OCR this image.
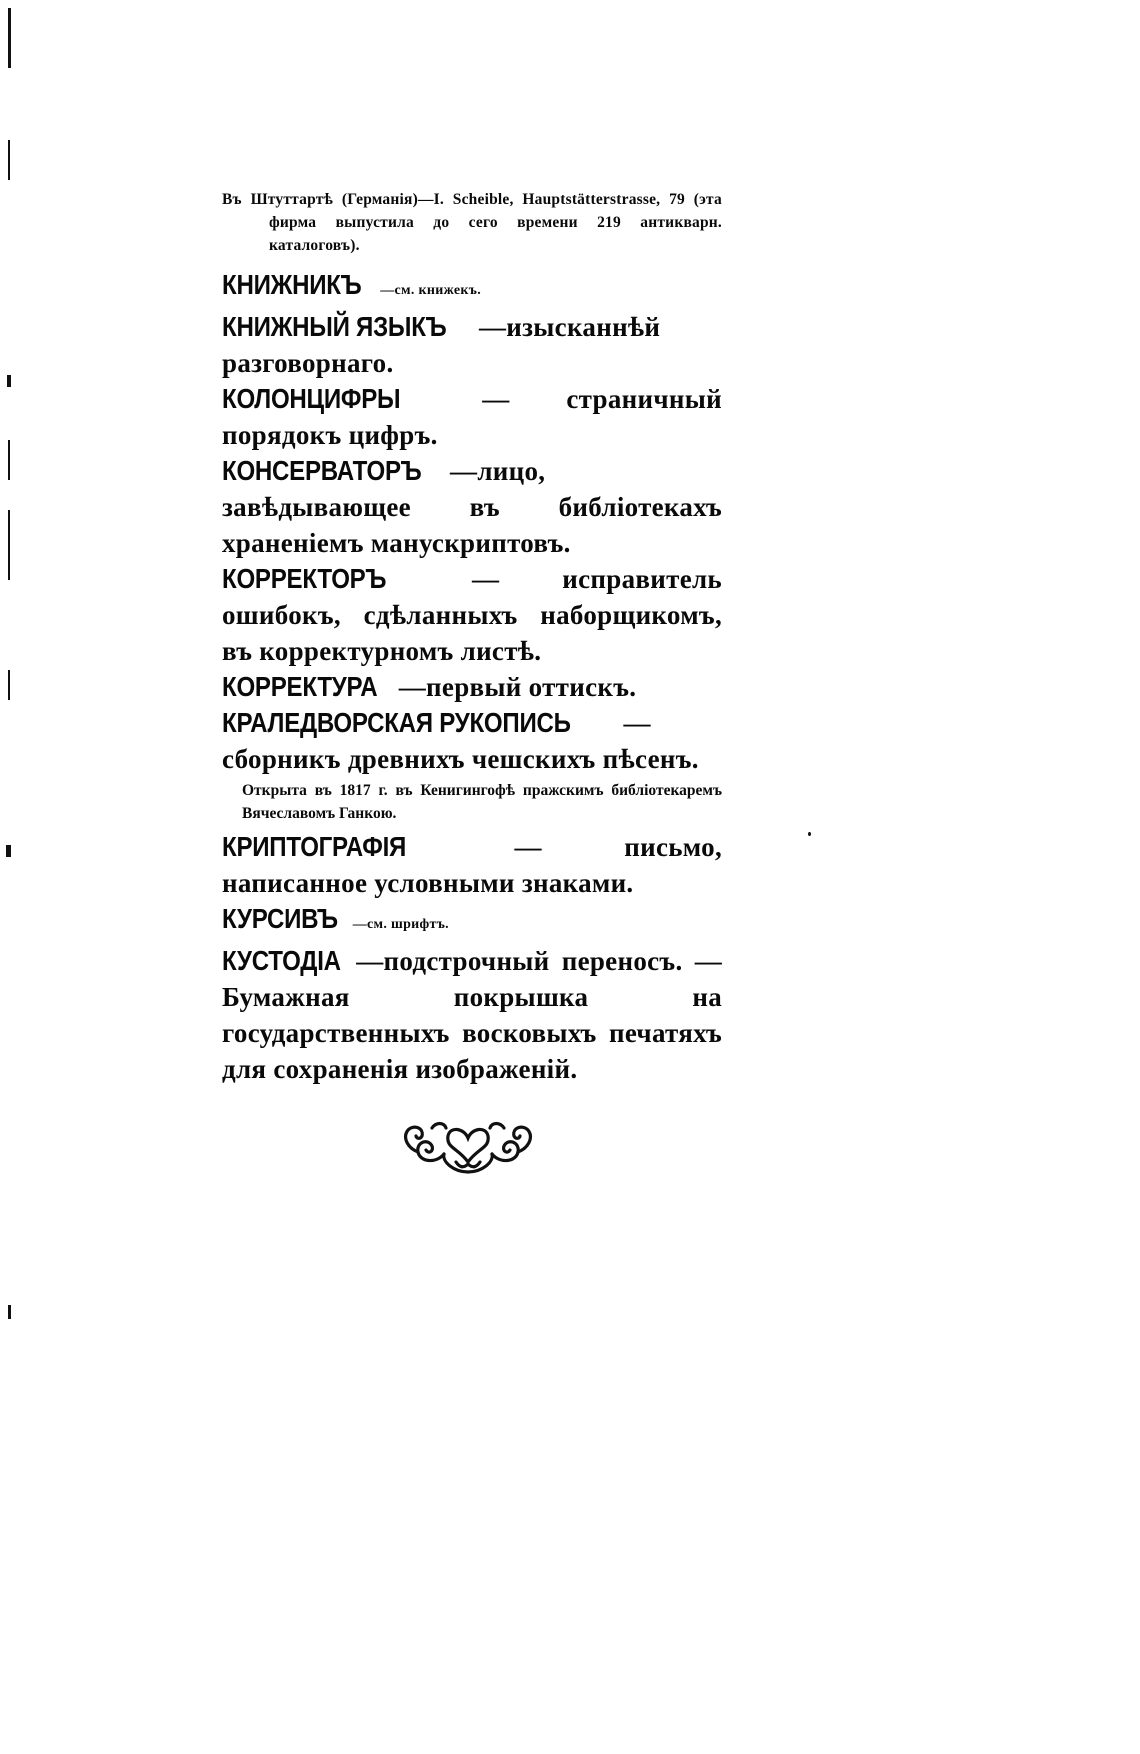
Въ Штуттартѣ (Германія)—I. Scheible, Hauptstätterstrasse, 79 (эта фирма выпустила до сего времени 219 антикварн. каталоговъ).

КНИЖНИКЪ —см. книжекъ.

КНИЖНЫЙ ЯЗЫКЪ —изысканнѣй разговорнаго.

КОЛОНЦИФРЫ — страничный порядокъ цифръ.

КОНСЕРВАТОРЪ —лицо, завѣдывающее въ библіотекахъ храненіемъ манускриптовъ.

КОРРЕКТОРЪ — исправитель ошибокъ, сдѣланныхъ наборщикомъ, въ корректурномъ листѣ.

КОРРЕКТУРА —первый оттискъ.

КРАЛЕДВОРСКАЯ РУКОПИСЬ —сборникъ древнихъ чешскихъ пѣсенъ.

Открыта въ 1817 г. въ Кенигингофѣ пражскимъ библіотекаремъ Вячеславомъ Ганкою.

КРИПТОГРАФІЯ — письмо, написанное условными знаками.

КУРСИВЪ —см. шрифтъ.

КУСТОДІА —подстрочный переносъ. — Бумажная покрышка на государственныхъ восковыхъ печатяхъ для сохраненія изображеній.
